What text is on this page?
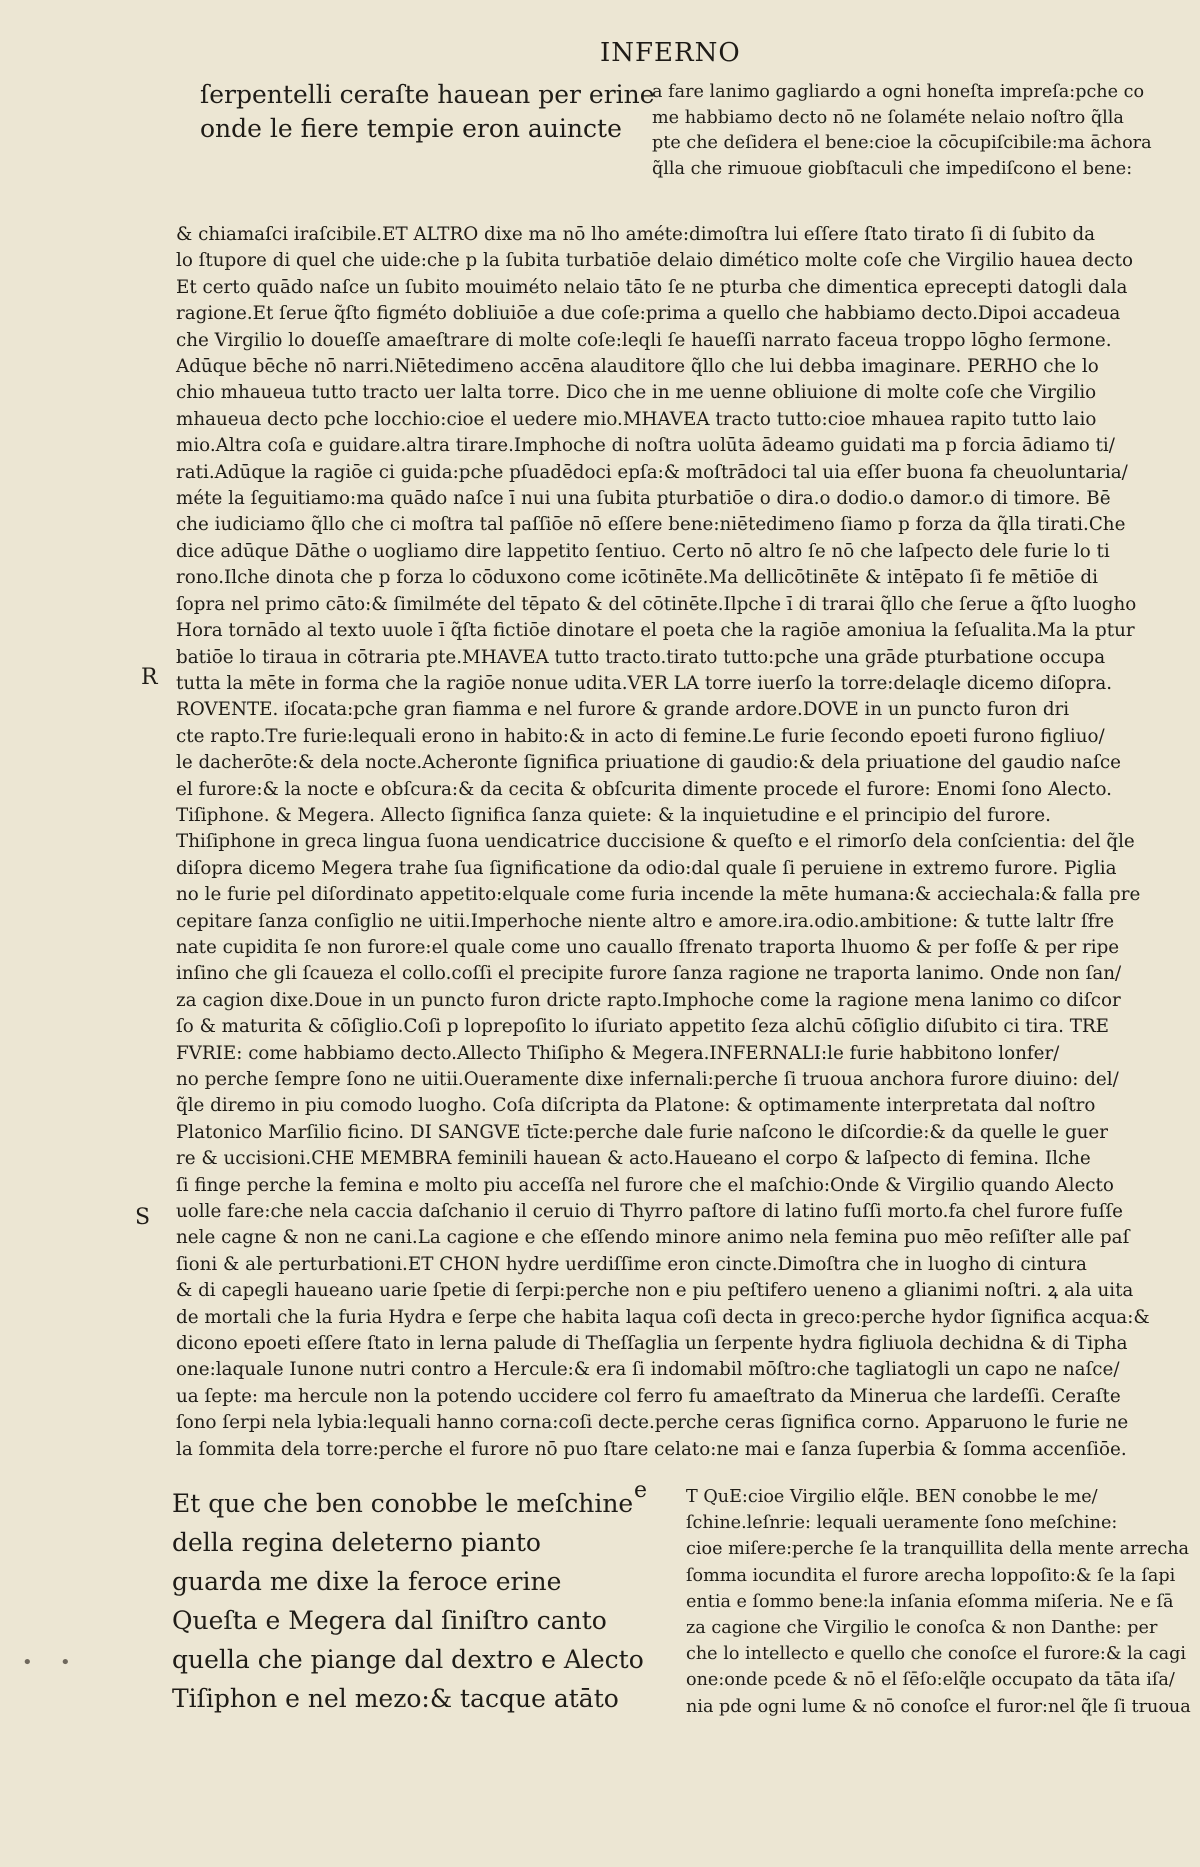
INFERNO
ſerpentelli ceraſte hauean per erine
onde le fiere tempie eron auincte
a fare lanimo gagliardo a ogni honeſta impreſa:pche co
me habbiamo decto nō ne ſolaméte nelaio noſtro q̃lla
pte che deſidera el bene:cioe la cōcupiſcibile:ma āchora
q̃lla che rimuoue giobſtaculi che impediſcono el bene:
& chiamaſci iraſcibile.ET ALTRO dixe ma nō lho améte:dimoſtra lui eſſere ſtato tirato ſi di ſubito da
lo ſtupore di quel che uide:che p la ſubita turbatiōe delaio dimético molte coſe che Virgilio hauea decto
Et certo quādo naſce un ſubito mouiméto nelaio tāto ſe ne pturba che dimentica eprecepti datogli dala
ragione.Et ſerue q̃ſto figméto dobliuiōe a due coſe:prima a quello che habbiamo decto.Dipoi accadeua
che Virgilio lo doueſſe amaeſtrare di molte coſe:leqli ſe haueſſi narrato faceua troppo lōgho ſermone.
Adūque bēche nō narri.Niētedimeno accēna alauditore q̃llo che lui debba imaginare. PERHO che lo
chio mhaueua tutto tracto uer lalta torre. Dico che in me uenne obliuione di molte coſe che Virgilio
mhaueua decto pche locchio:cioe el uedere mio.MHAVEA tracto tutto:cioe mhauea rapito tutto laio
mio.Altra coſa e guidare.altra tirare.Imphoche di noſtra uolūta ādeamo guidati ma p forcia ādiamo ti/
rati.Adūque la ragiōe ci guida:pche pſuadēdoci epſa:& moſtrādoci tal uia eſſer buona fa cheuoluntaria/
méte la ſeguitiamo:ma quādo naſce ī nui una ſubita pturbatiōe o dira.o dodio.o damor.o di timore. Bē
che iudiciamo q̃llo che ci moſtra tal paſſiōe nō eſſere bene:niētedimeno ſiamo p forza da q̃lla tirati.Che
dice adūque Dāthe o uogliamo dire lappetito ſentiuo. Certo nō altro ſe nō che laſpecto dele furie lo ti
rono.Ilche dinota che p forza lo cōduxono come icōtinēte.Ma dellicōtinēte & intēpato ſi fe mētiōe di
ſopra nel primo cāto:& ſimilméte del tēpato & del cōtinēte.Ilpche ī di trarai q̃llo che ſerue a q̃ſto luogho
Hora tornādo al texto uuole ī q̃ſta fictiōe dinotare el poeta che la ragiōe amoniua la ſeſualita.Ma la ptur
batiōe lo tiraua in cōtraria pte.MHAVEA tutto tracto.tirato tutto:pche una grāde pturbatione occupa
tutta la mēte in forma che la ragiōe nonue udita.VER LA torre iuerſo la torre:delaqle dicemo diſopra.
ROVENTE. iſocata:pche gran fiamma e nel furore & grande ardore.DOVE in un puncto furon dri
cte rapto.Tre furie:lequali erono in habito:& in acto di femine.Le furie ſecondo epoeti furono figliuo/
le dacherōte:& dela nocte.Acheronte ſignifica priuatione di gaudio:& dela priuatione del gaudio naſce
el furore:& la nocte e obſcura:& da cecita & obſcurita dimente procede el furore: Enomi ſono Alecto.
Tiſiphone. & Megera. Allecto ſignifica ſanza quiete: & la inquietudine e el principio del furore.
Thiſiphone in greca lingua ſuona uendicatrice duccisione & queſto e el rimorſo dela conſcientia: del q̃le
diſopra dicemo Megera trahe ſua ſignificatione da odio:dal quale ſi peruiene in extremo furore. Piglia
no le furie pel diſordinato appetito:elquale come furia incende la mēte humana:& acciechala:& falla pre
cepitare ſanza conſiglio ne uitii.Imperhoche niente altro e amore.ira.odio.ambitione: & tutte laltr ſfre
nate cupidita ſe non furore:el quale come uno cauallo ſfrenato traporta lhuomo & per foſſe & per ripe
inſino che gli ſcaueza el collo.coſſi el precipite furore ſanza ragione ne traporta lanimo. Onde non ſan/
za cagion dixe.Doue in un puncto furon dricte rapto.Imphoche come la ragione mena lanimo co diſcor
ſo & maturita & cōſiglio.Coſi p loprepoſito lo iſuriato appetito ſeza alchū cōſiglio diſubito ci tira. TRE
FVRIE: come habbiamo decto.Allecto Thiſipho & Megera.INFERNALI:le furie habbitono lonfer/
no perche ſempre ſono ne uitii.Oueramente dixe infernali:perche ſi truoua anchora furore diuino: del/
q̃le diremo in piu comodo luogho. Coſa diſcripta da Platone: & optimamente interpretata dal noſtro
Platonico Marſilio ficino. DI SANGVE tīcte:perche dale furie naſcono le diſcordie:& da quelle le guer
re & uccisioni.CHE MEMBRA feminili hauean & acto.Haueano el corpo & laſpecto di femina. Ilche
ſi finge perche la femina e molto piu acceſſa nel furore che el maſchio:Onde & Virgilio quando Alecto
uolle fare:che nela caccia daſchanio il ceruio di Thyrro paſtore di latino fuſſi morto.fa chel furore fuſſe
nele cagne & non ne cani.La cagione e che eſſendo minore animo nela femina puo mēo reſiſter alle paſ
ſioni & ale perturbationi.ET CHON hydre uerdiſſime eron cincte.Dimoſtra che in luogho di cintura
& di capegli haueano uarie ſpetie di ſerpi:perche non e piu peſtifero ueneno a glianimi noſtri. ꝝ ala uita
de mortali che la furia Hydra e ſerpe che habita laqua coſi decta in greco:perche hydor ſignifica acqua:&
dicono epoeti eſſere ſtato in lerna palude di Theſſaglia un ſerpente hydra figliuola dechidna & di Tipha
one:laquale Iunone nutri contro a Hercule:& era ſi indomabil mōſtro:che tagliatogli un capo ne naſce/
ua ſepte: ma hercule non la potendo uccidere col ferro fu amaeſtrato da Minerua che lardeſſi. Ceraſte
ſono ſerpi nela lybia:lequali hanno corna:coſi decte.perche ceras ſignifica corno. Apparuono le furie ne
la ſommita dela torre:perche el furore nō puo ſtare celato:ne mai e ſanza ſuperbia & ſomma accenſiōe.
R
S
Et que che ben conobbe le meſchine
della regina deleterno pianto
guarda me dixe la feroce erine
Queſta e Megera dal ſiniſtro canto
quella che piange dal dextro e Alecto
Tiſiphon e nel mezo:& tacque atāto
e T QuE:cioe Virgilio elq̃le. BEN conobbe le me/
ſchine.leſnrie: lequali ueramente ſono meſchine:
cioe miſere:perche ſe la tranquillita della mente arrecha
ſomma iocundita el furore arecha loppoſito:& ſe la ſapi
entia e ſommo bene:la inſania eſomma miſeria. Ne e ſā
za cagione che Virgilio le conoſca & non Danthe: per
che lo intellecto e quello che conoſce el furore:& la cagi
one:onde pcede & nō el ſēſo:elq̃le occupato da tāta iſa/
nia pde ogni lume & nō conoſce el furor:nel q̃le ſi truoua
• •
